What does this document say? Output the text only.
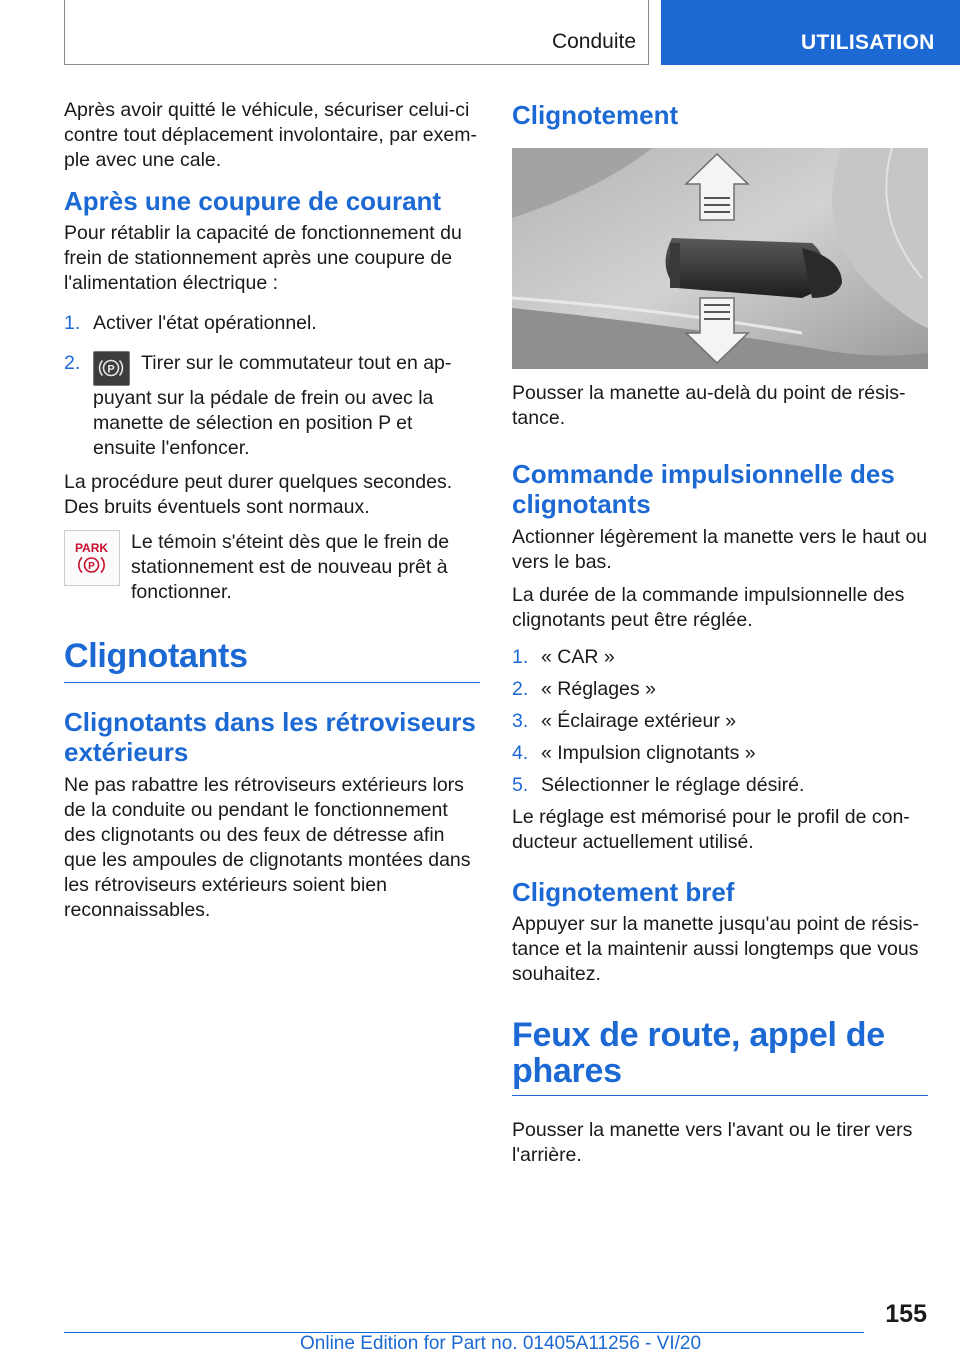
Conduite	UTILISATION

Après avoir quitté le véhicule, sécuriser celui-ci contre tout déplacement involontaire, par exemple avec une cale.

Après une coupure de courant

Pour rétablir la capacité de fonctionnement du frein de stationnement après une coupure de l'alimentation électrique :

1. Activer l'état opérationnel.
2. P Tirer sur le commutateur tout en appuyant sur la pédale de frein ou avec la manette de sélection en position P et ensuite l'enfoncer.

La procédure peut durer quelques secondes. Des bruits éventuels sont normaux.

PARK
P

Le témoin s'éteint dès que le frein de stationnement est de nouveau prêt à fonctionner.

Clignotants
Clignotants dans les rétroviseurs extérieurs

Ne pas rabattre les rétroviseurs extérieurs lors de la conduite ou pendant le fonctionnement des clignotants ou des feux de détresse afin que les ampoules de clignotants montées dans les rétroviseurs extérieurs soient bien reconnaissables.

Clignotement

Pousser la manette au-delà du point de résistance.

Commande impulsionnelle des clignotants

Actionner légèrement la manette vers le haut ou vers le bas.

La durée de la commande impulsionnelle des clignotants peut être réglée.

1. « CAR »
2. « Réglages »
3. « Éclairage extérieur »
4. « Impulsion clignotants »
5. Sélectionner le réglage désiré.

Le réglage est mémorisé pour le profil de conducteur actuellement utilisé.

Clignotement bref

Appuyer sur la manette jusqu'au point de résistance et la maintenir aussi longtemps que vous souhaitez.

Feux de route, appel de phares

Pousser la manette vers l'avant ou le tirer vers l'arrière.

155
Online Edition for Part no. 01405A11256 - VI/20
